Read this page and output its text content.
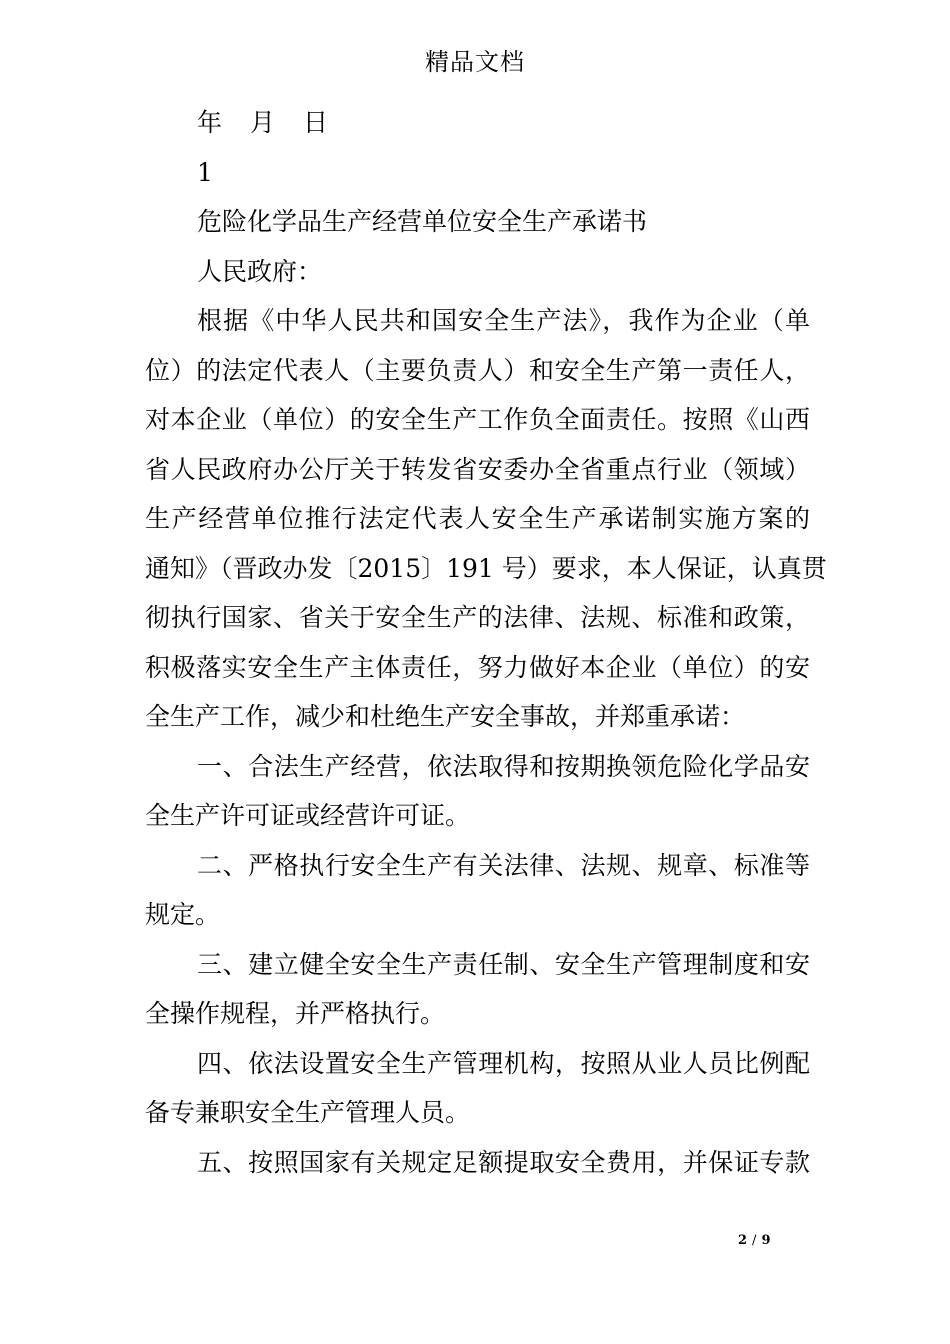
精品文档
年 月 日
1
危险化学品生产经营单位安全生产承诺书
人民政府：
根据《中华人民共和国安全生产法》，我作为企业（单
位）的法定代表人（主要负责人）和安全生产第一责任人，
对本企业（单位）的安全生产工作负全面责任。按照《山西
省人民政府办公厅关于转发省安委办全省重点行业（领域）
生产经营单位推行法定代表人安全生产承诺制实施方案的
通知》（晋政办发〔2015〕191 号）要求，本人保证，认真贯
彻执行国家、省关于安全生产的法律、法规、标准和政策，
积极落实安全生产主体责任，努力做好本企业（单位）的安
全生产工作，减少和杜绝生产安全事故，并郑重承诺：
一、合法生产经营，依法取得和按期换领危险化学品安
全生产许可证或经营许可证。
二、严格执行安全生产有关法律、法规、规章、标准等
规定。
三、建立健全安全生产责任制、安全生产管理制度和安
全操作规程，并严格执行。
四、依法设置安全生产管理机构，按照从业人员比例配
备专兼职安全生产管理人员。
五、按照国家有关规定足额提取安全费用，并保证专款
2 / 9
